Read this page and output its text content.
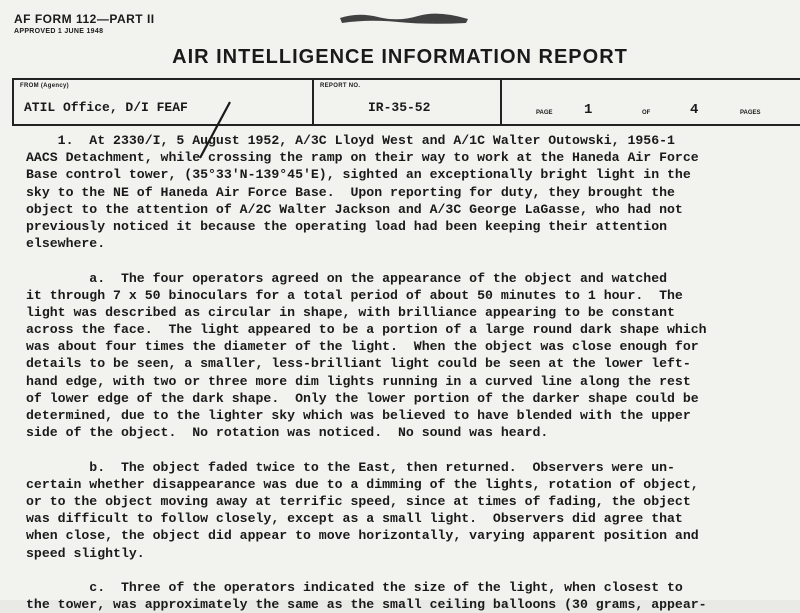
AF FORM 112—PART II
APPROVED 1 JUNE 1948
AIR INTELLIGENCE INFORMATION REPORT
FROM (Agency)
ATIL Office, D/I FEAF
REPORT NO.
IR-35-52	PAGE 1	OF	4	PAGES
1.  At 2330/I, 5 August 1952, A/3C Lloyd West and A/1C Walter Outowski, 1956-1
AACS Detachment, while crossing the ramp on their way to work at the Haneda Air Force
Base control tower, (35°33'N-139°45'E), sighted an exceptionally bright light in the
sky to the NE of Haneda Air Force Base.  Upon reporting for duty, they brought the
object to the attention of A/2C Walter Jackson and A/3C George LaGasse, who had not
previously noticed it because the operating load had been keeping their attention
elsewhere.
a.  The four operators agreed on the appearance of the object and watched
it through 7 x 50 binoculars for a total period of about 50 minutes to 1 hour.  The
light was described as circular in shape, with brilliance appearing to be constant
across the face.  The light appeared to be a portion of a large round dark shape which
was about four times the diameter of the light.  When the object was close enough for
details to be seen, a smaller, less-brilliant light could be seen at the lower left-
hand edge, with two or three more dim lights running in a curved line along the rest
of lower edge of the dark shape.  Only the lower portion of the darker shape could be
determined, due to the lighter sky which was believed to have blended with the upper
side of the object.  No rotation was noticed.  No sound was heard.
b.  The object faded twice to the East, then returned.  Observers were un-
certain whether disappearance was due to a dimming of the lights, rotation of object,
or to the object moving away at terrific speed, since at times of fading, the object
was difficult to follow closely, except as a small light.  Observers did agree that
when close, the object did appear to move horizontally, varying apparent position and
speed slightly.
c.  Three of the operators indicated the size of the light, when closest to
the tower, was approximately the same as the small ceiling balloons (30 grams, appear-
